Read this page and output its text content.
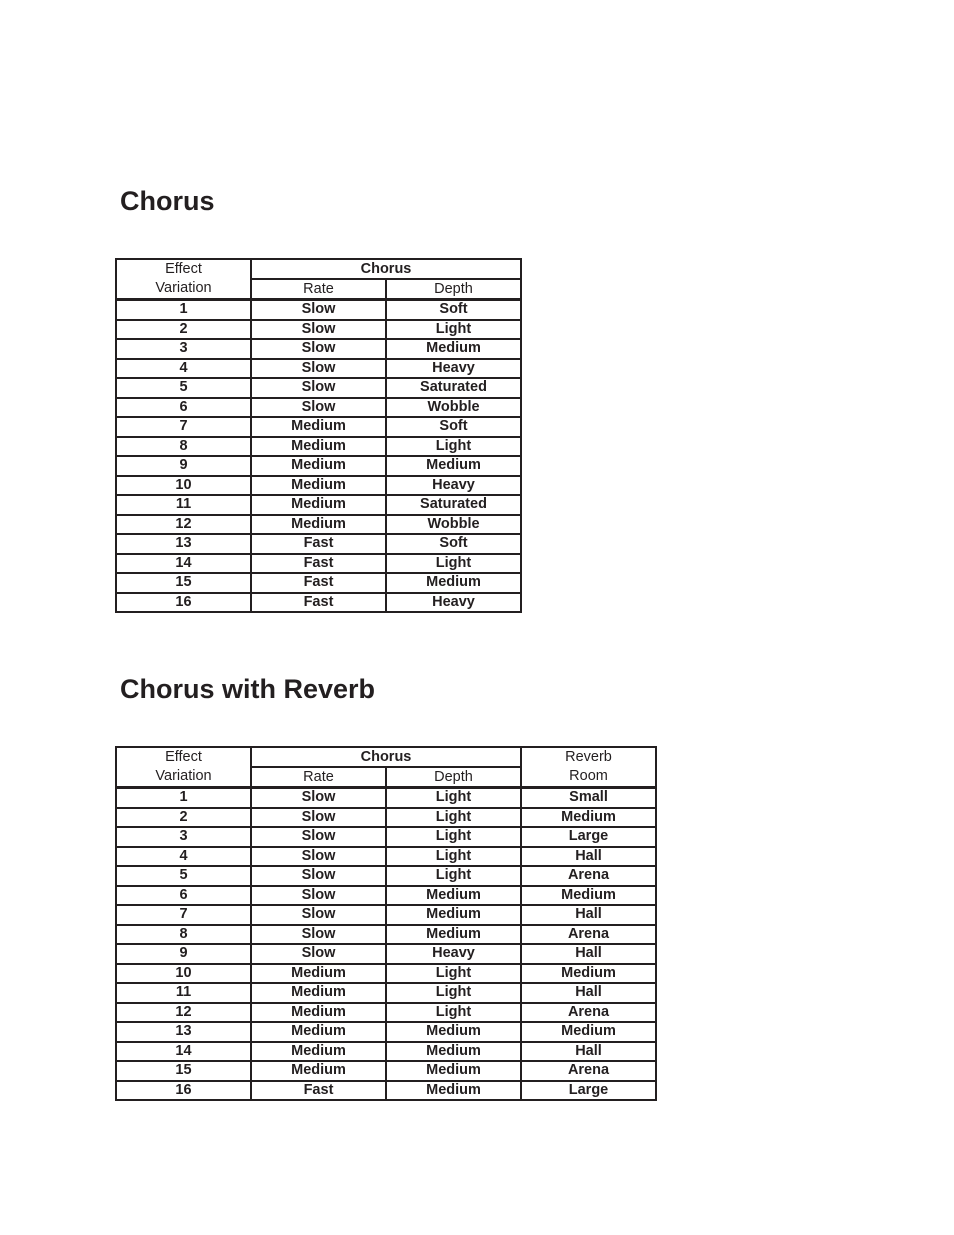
Chorus
Effect	Chorus	
Variation	Rate	Depth
1	Slow	Soft
2	Slow	Light
3	Slow	Medium
4	Slow	Heavy
5	Slow	Saturated
6	Slow	Wobble
7	Medium	Soft
8	Medium	Light
9	Medium	Medium
10	Medium	Heavy
11	Medium	Saturated
12	Medium	Wobble
13	Fast	Soft
14	Fast	Light
15	Fast	Medium
16	Fast	Heavy
Chorus with Reverb
Effect	Chorus		Reverb
Variation	Rate	Depth	Room
1	Slow	Light	Small
2	Slow	Light	Medium
3	Slow	Light	Large
4	Slow	Light	Hall
5	Slow	Light	Arena
6	Slow	Medium	Medium
7	Slow	Medium	Hall
8	Slow	Medium	Arena
9	Slow	Heavy	Hall
10	Medium	Light	Medium
11	Medium	Light	Hall
12	Medium	Light	Arena
13	Medium	Medium	Medium
14	Medium	Medium	Hall
15	Medium	Medium	Arena
16	Fast	Medium	Large
